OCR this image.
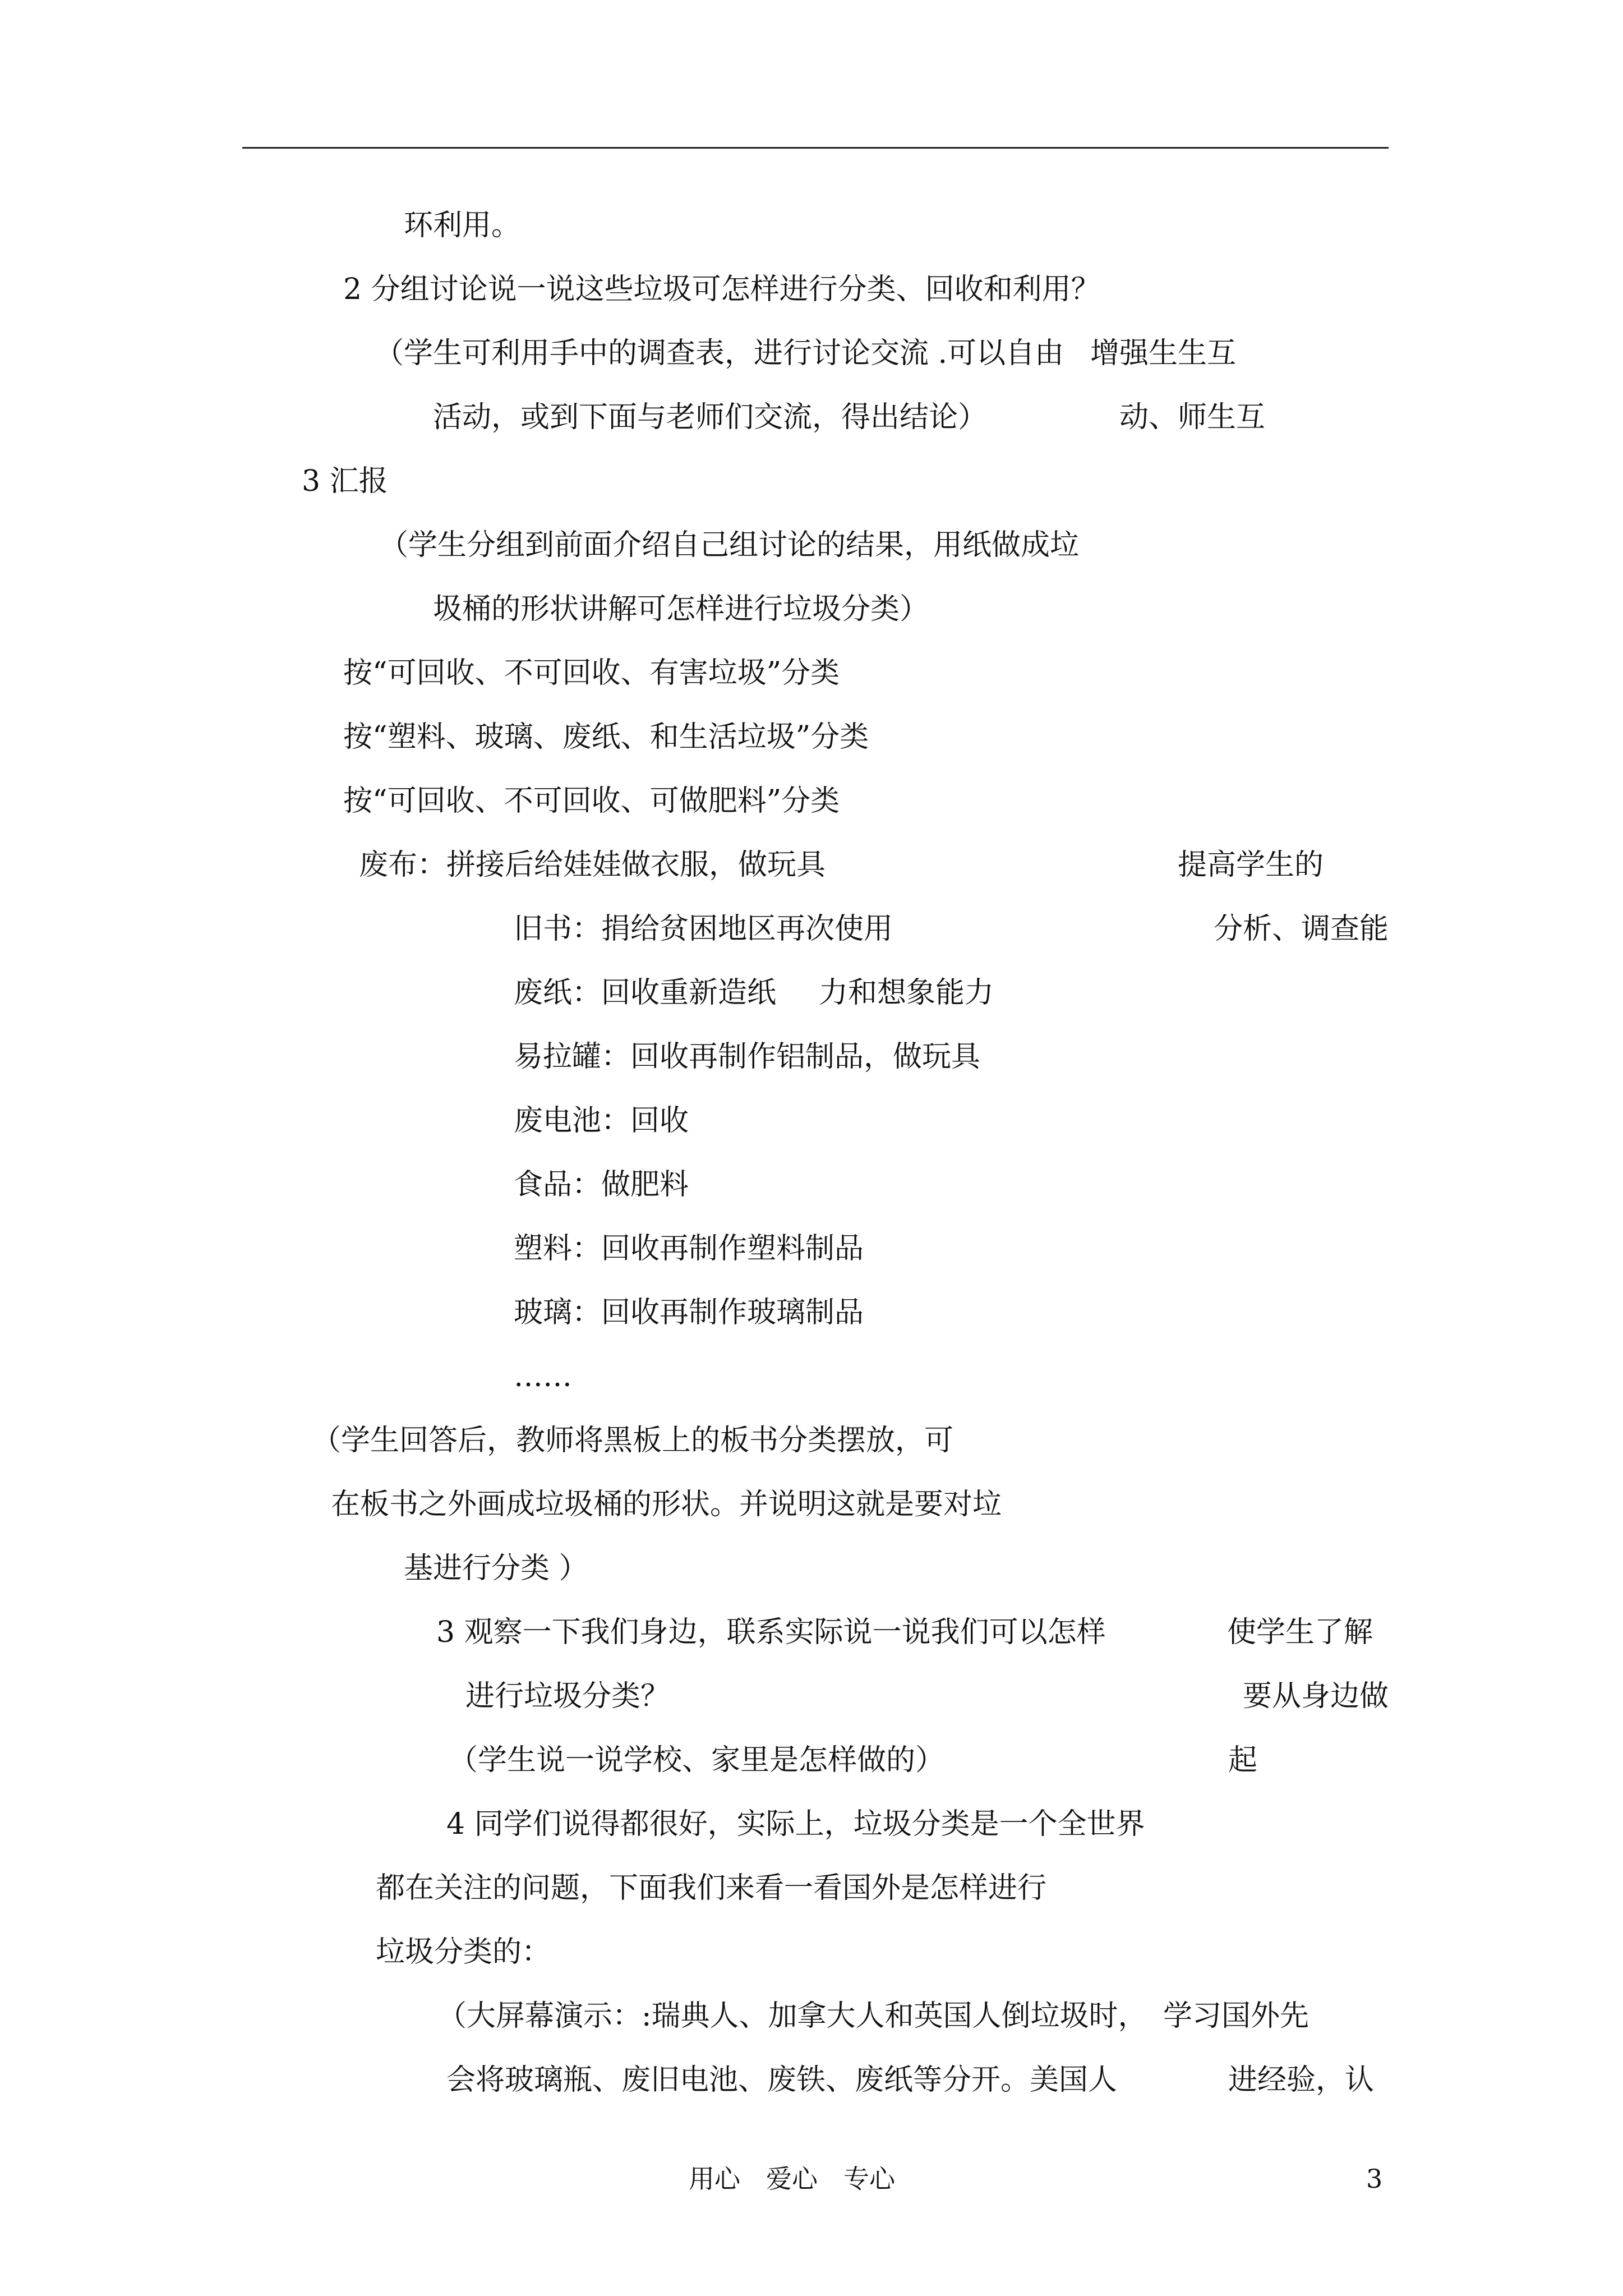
环利用。
2 分组讨论说一说这些垃圾可怎样进行分类、回收和利用？
（学生可利用手中的调查表，进行讨论交流 .可以自由 增强生生互
活动，或到下面与老师们交流，得出结论）	动、师生互
3 汇报
（学生分组到前面介绍自己组讨论的结果，用纸做成垃
圾桶的形状讲解可怎样进行垃圾分类）
按“可回收、不可回收、有害垃圾”分类
按“塑料、玻璃、废纸、和生活垃圾”分类
按“可回收、不可回收、可做肥料”分类
废布：拼接后给娃娃做衣服，做玩具	提高学生的
旧书：捐给贫困地区再次使用	分析、调查能
废纸：回收重新造纸 力和想象能力
易拉罐：回收再制作铝制品，做玩具
废电池：回收
食品：做肥料
塑料：回收再制作塑料制品
玻璃：回收再制作玻璃制品
……
（学生回答后，教师将黑板上的板书分类摆放，可
在板书之外画成垃圾桶的形状。并说明这就是要对垃
基进行分类 ）
3 观察一下我们身边，联系实际说一说我们可以怎样	使学生了解
进行垃圾分类？	要从身边做
（学生说一说学校、家里是怎样做的）	起
4 同学们说得都很好，实际上，垃圾分类是一个全世界
都在关注的问题，下面我们来看一看国外是怎样进行
垃圾分类的：
（大屏幕演示：:瑞典人、加拿大人和英国人倒垃圾时， 学习国外先
会将玻璃瓶、废旧电池、废铁、废纸等分开。美国人	进经验，认
用心　爱心　专心	3
